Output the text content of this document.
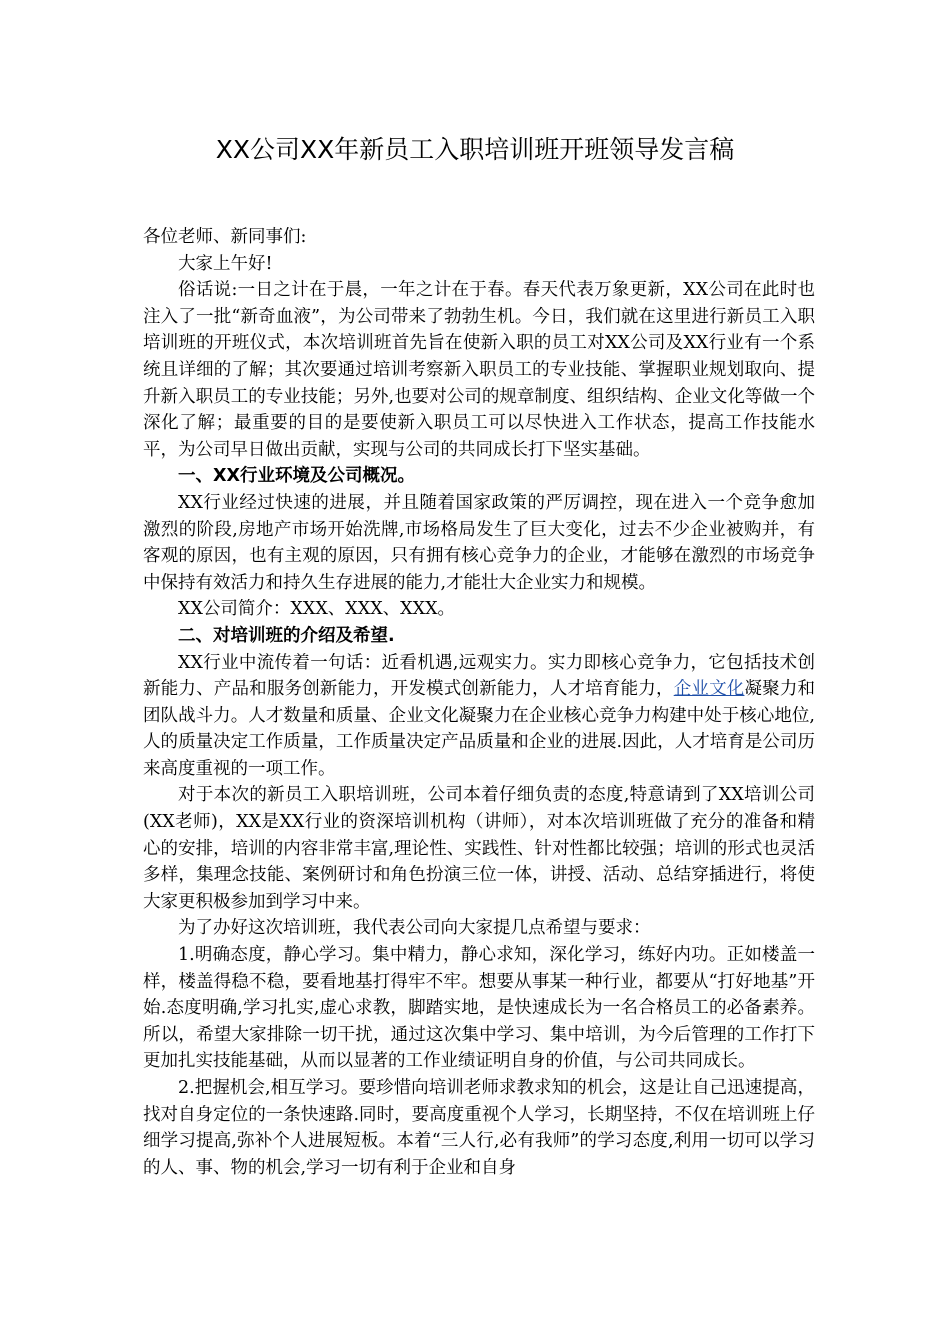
XX公司XX年新员工入职培训班开班领导发言稿

各位老师、新同事们:

大家上午好!

俗话说:一日之计在于晨，一年之计在于春。春天代表万象更新，XX公司在此时也注入了一批“新奇血液”，为公司带来了勃勃生机。今日，我们就在这里进行新员工入职培训班的开班仪式，本次培训班首先旨在使新入职的员工对XX公司及XX行业有一个系统且详细的了解；其次要通过培训考察新入职员工的专业技能、掌握职业规划取向、提升新入职员工的专业技能；另外,也要对公司的规章制度、组织结构、企业文化等做一个深化了解；最重要的目的是要使新入职员工可以尽快进入工作状态，提高工作技能水平，为公司早日做出贡献，实现与公司的共同成长打下坚实基础。

一、XX行业环境及公司概况。

XX行业经过快速的进展，并且随着国家政策的严厉调控，现在进入一个竞争愈加激烈的阶段,房地产市场开始洗牌,市场格局发生了巨大变化，过去不少企业被购并，有客观的原因，也有主观的原因，只有拥有核心竞争力的企业，才能够在激烈的市场竞争中保持有效活力和持久生存进展的能力,才能壮大企业实力和规模。

XX公司简介：XXX、XXX、XXX。

二、对培训班的介绍及希望.

XX行业中流传着一句话：近看机遇,远观实力。实力即核心竞争力，它包括技术创新能力、产品和服务创新能力，开发模式创新能力，人才培育能力，企业文化凝聚力和团队战斗力。人才数量和质量、企业文化凝聚力在企业核心竞争力构建中处于核心地位,人的质量决定工作质量，工作质量决定产品质量和企业的进展.因此，人才培育是公司历来高度重视的一项工作。

对于本次的新员工入职培训班，公司本着仔细负责的态度,特意请到了XX培训公司(XX老师)，XX是XX行业的资深培训机构（讲师），对本次培训班做了充分的准备和精心的安排，培训的内容非常丰富,理论性、实践性、针对性都比较强；培训的形式也灵活多样，集理念技能、案例研讨和角色扮演三位一体，讲授、活动、总结穿插进行，将使大家更积极参加到学习中来。

为了办好这次培训班，我代表公司向大家提几点希望与要求：

1.明确态度，静心学习。集中精力，静心求知，深化学习，练好内功。正如楼盖一样，楼盖得稳不稳，要看地基打得牢不牢。想要从事某一种行业，都要从“打好地基”开始.态度明确,学习扎实,虚心求教，脚踏实地，是快速成长为一名合格员工的必备素养。所以，希望大家排除一切干扰，通过这次集中学习、集中培训，为今后管理的工作打下更加扎实技能基础，从而以显著的工作业绩证明自身的价值，与公司共同成长。

2.把握机会,相互学习。要珍惜向培训老师求教求知的机会，这是让自己迅速提高，找对自身定位的一条快速路.同时，要高度重视个人学习，长期坚持，不仅在培训班上仔细学习提高,弥补个人进展短板。本着“三人行,必有我师”的学习态度,利用一切可以学习的人、事、物的机会,学习一切有利于企业和自身
